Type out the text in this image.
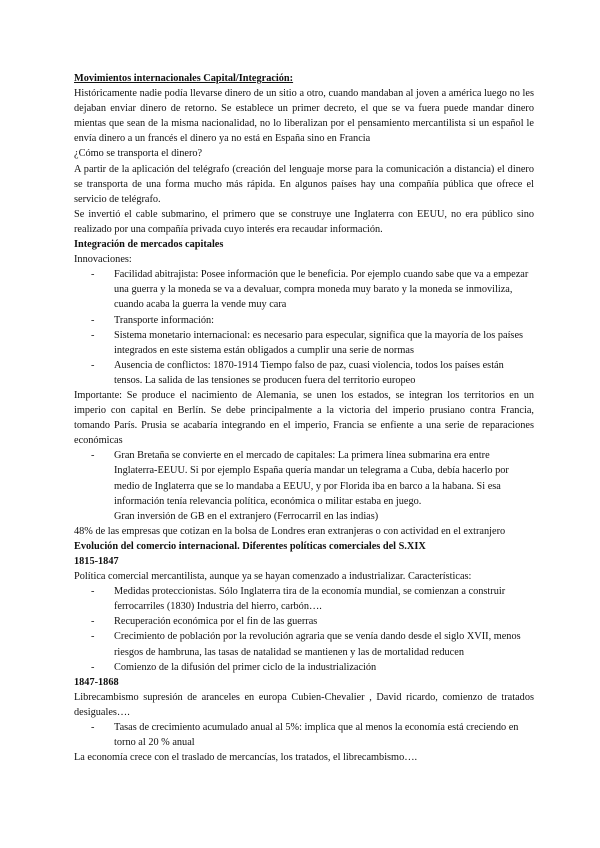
Movimientos internacionales Capital/Integración:

Históricamente nadie podía llevarse dinero de un sitio a otro, cuando mandaban al joven a américa luego no les dejaban enviar dinero de retorno. Se establece un primer decreto, el que se va fuera puede mandar dinero mientas que sean de la misma nacionalidad, no lo liberalizan por el pensamiento mercantilista si un español le envía dinero a un francés el dinero ya no está en España sino en Francia

¿Cómo se transporta el dinero?

A partir de la aplicación del telégrafo (creación del lenguaje morse para la comunicación a distancia) el dinero se transporta de una forma mucho más rápida. En algunos países hay una compañía pública que ofrece el servicio de telégrafo.

Se invertió el cable submarino, el primero que se construye une Inglaterra con EEUU, no era público sino realizado por una compañía privada cuyo interés era recaudar información.

Integración de mercados capitales

Innovaciones:

- Facilidad abitrajista: Posee información que le beneficia. Por ejemplo cuando sabe que va a empezar una guerra y la moneda se va a devaluar, compra moneda muy barato y la moneda se inmoviliza, cuando acaba la guerra la vende muy cara
- Transporte información:
- Sistema monetario internacional: es necesario para especular, significa que la mayoría de los países integrados en este sistema están obligados a cumplir una serie de normas
- Ausencia de conflictos: 1870-1914 Tiempo falso de paz, cuasi violencia, todos los países están tensos. La salida de las tensiones se producen fuera del territorio europeo

Importante: Se produce el nacimiento de Alemania, se unen los estados, se integran los territorios en un imperio con capital en Berlín. Se debe principalmente a la victoria del imperio prusiano contra Francia, tomando París. Prusia se acabaría integrando en el imperio, Francia se enfiente a una serie de reparaciones económicas

- Gran Bretaña se convierte en el mercado de capitales: La primera línea submarina era entre Inglaterra-EEUU. Si por ejemplo España quería mandar un telegrama a Cuba, debía hacerlo por medio de Inglaterra que se lo mandaba a EEUU, y por Florida iba en barco a la habana. Si esa información tenía relevancia política, económica o militar estaba en juego.

Gran inversión de GB en el extranjero (Ferrocarril en las indias)

48% de las empresas que cotizan en la bolsa de Londres eran extranjeras o con actividad en el extranjero

Evolución del comercio internacional. Diferentes políticas comerciales del S.XIX
1815-1847

Política comercial mercantilista, aunque ya se hayan comenzado a industrializar. Características:

- Medidas proteccionistas. Sólo Inglaterra tira de la economía mundial, se comienzan a construir ferrocarriles (1830) Industria del hierro, carbón….
- Recuperación económica por el fin de las guerras
- Crecimiento de población por la revolución agraria que se venía dando desde el siglo XVII, menos riesgos de hambruna, las tasas de natalidad se mantienen y las de mortalidad reducen
- Comienzo de la difusión del primer ciclo de la industrialización
1847-1868

Librecambismo supresión de aranceles en europa Cubien-Chevalier , David ricardo, comienzo de tratados desiguales….

- Tasas de crecimiento acumulado anual al 5%: implica que al menos la economía está creciendo en torno al 20 % anual

La economía crece con el traslado de mercancías, los tratados, el librecambismo….
